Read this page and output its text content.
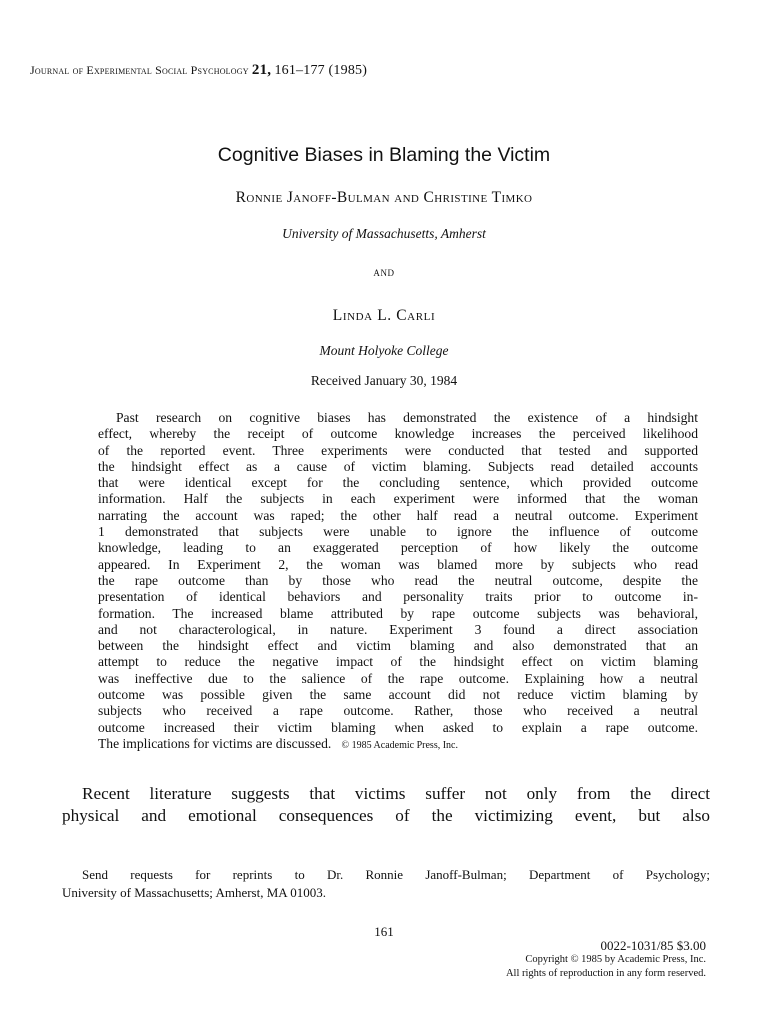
Journal of Experimental Social Psychology 21, 161–177 (1985)
Cognitive Biases in Blaming the Victim
Ronnie Janoff-Bulman and Christine Timko
University of Massachusetts, Amherst
and
Linda L. Carli
Mount Holyoke College
Received January 30, 1984
Past research on cognitive biases has demonstrated the existence of a hindsight
effect, whereby the receipt of outcome knowledge increases the perceived likelihood
of the reported event. Three experiments were conducted that tested and supported
the hindsight effect as a cause of victim blaming. Subjects read detailed accounts
that were identical except for the concluding sentence, which provided outcome
information. Half the subjects in each experiment were informed that the woman
narrating the account was raped; the other half read a neutral outcome. Experiment
1 demonstrated that subjects were unable to ignore the influence of outcome
knowledge, leading to an exaggerated perception of how likely the outcome
appeared. In Experiment 2, the woman was blamed more by subjects who read
the rape outcome than by those who read the neutral outcome, despite the
presentation of identical behaviors and personality traits prior to outcome in-
formation. The increased blame attributed by rape outcome subjects was behavioral,
and not characterological, in nature. Experiment 3 found a direct association
between the hindsight effect and victim blaming and also demonstrated that an
attempt to reduce the negative impact of the hindsight effect on victim blaming
was ineffective due to the salience of the rape outcome. Explaining how a neutral
outcome was possible given the same account did not reduce victim blaming by
subjects who received a rape outcome. Rather, those who received a neutral
outcome increased their victim blaming when asked to explain a rape outcome.
The implications for victims are discussed. © 1985 Academic Press, Inc.
Recent literature suggests that victims suffer not only from the direct
physical and emotional consequences of the victimizing event, but also
Send requests for reprints to Dr. Ronnie Janoff-Bulman; Department of Psychology;
University of Massachusetts; Amherst, MA 01003.
161
0022-1031/85 $3.00
Copyright © 1985 by Academic Press, Inc.
All rights of reproduction in any form reserved.
